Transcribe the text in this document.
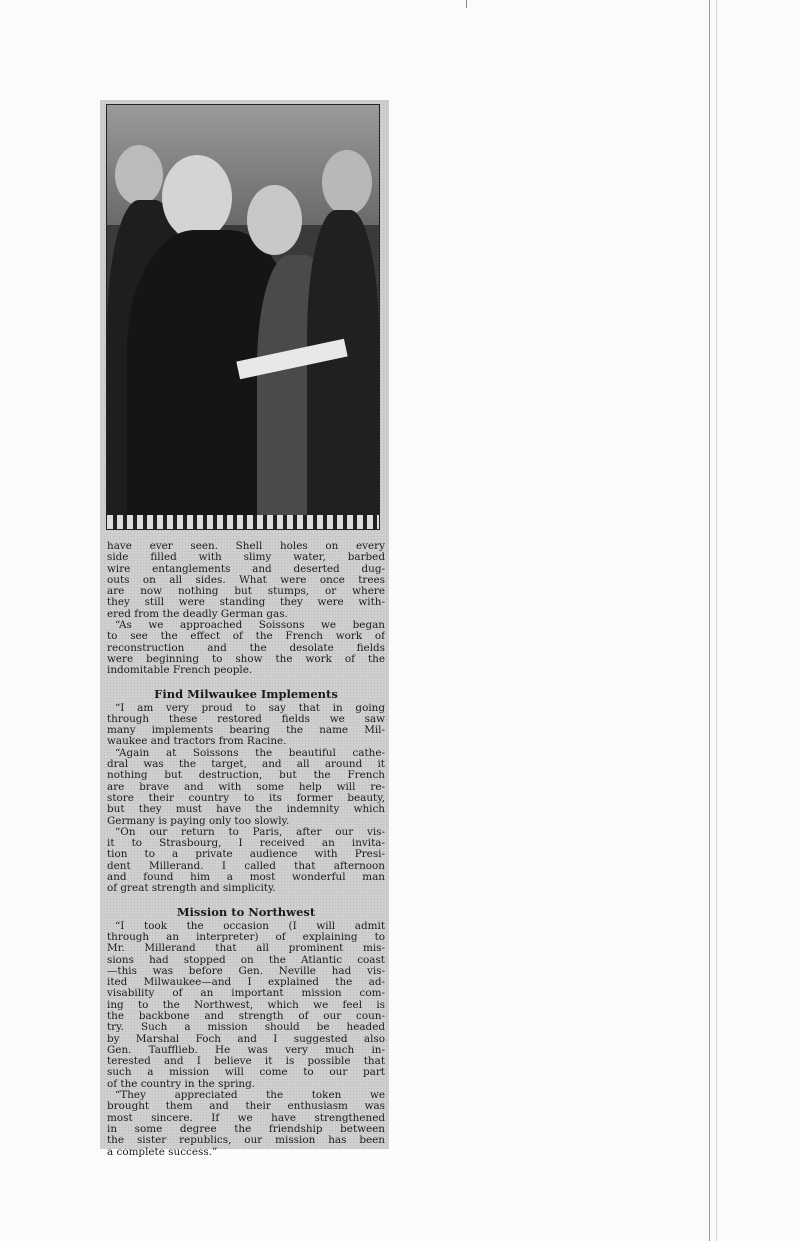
have ever seen. Shell holes on every
side filled with slimy water, barbed
wire entanglements and deserted dug-
outs on all sides. What were once trees
are now nothing but stumps, or where
they still were standing they were with-
ered from the deadly German gas.
“As we approached Soissons we began
to see the effect of the French work of
reconstruction and the desolate fields
were beginning to show the work of the
indomitable French people.
Find Milwaukee Implements
“I am very proud to say that in going
through these restored fields we saw
many implements bearing the name Mil-
waukee and tractors from Racine.
“Again at Soissons the beautiful cathe-
dral was the target, and all around it
nothing but destruction, but the French
are brave and with some help will re-
store their country to its former beauty,
but they must have the indemnity which
Germany is paying only too slowly.
“On our return to Paris, after our vis-
it to Strasbourg, I received an invita-
tion to a private audience with Presi-
dent Millerand. I called that afternoon
and found him a most wonderful man
of great strength and simplicity.
Mission to Northwest
“I took the occasion (I will admit
through an interpreter) of explaining to
Mr. Millerand that all prominent mis-
sions had stopped on the Atlantic coast
—this was before Gen. Neville had vis-
ited Milwaukee—and I explained the ad-
visability of an important mission com-
ing to the Northwest, which we feel is
the backbone and strength of our coun-
try. Such a mission should be headed
by Marshal Foch and I suggested also
Gen. Taufflieb. He was very much in-
terested and I believe it is possible that
such a mission will come to our part
of the country in the spring.
“They appreciated the token we
brought them and their enthusiasm was
most sincere. If we have strengthened
in some degree the friendship between
the sister republics, our mission has been
a complete success.”
